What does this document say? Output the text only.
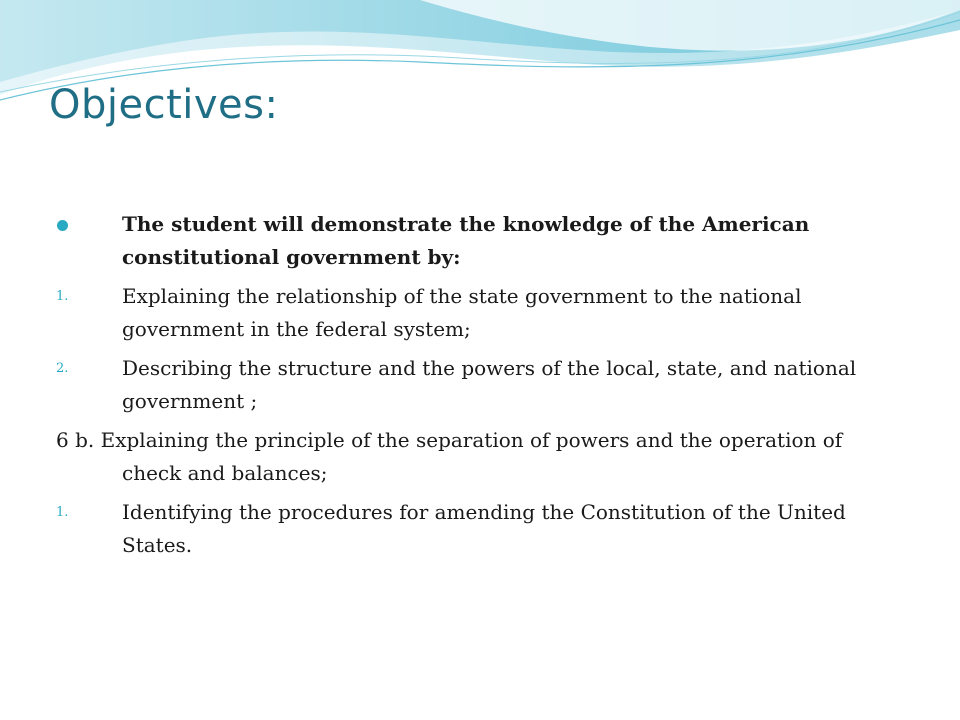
Objectives:
The student will demonstrate the knowledge of the American constitutional government by:
1.	Explaining the relationship of the state government to the national government in the federal system;
2.	Describing the structure and the powers of the local, state, and national government ;
6 b. Explaining the principle of the separation of powers and the operation of check and balances;
1.	Identifying the procedures for amending the Constitution of the United States.
